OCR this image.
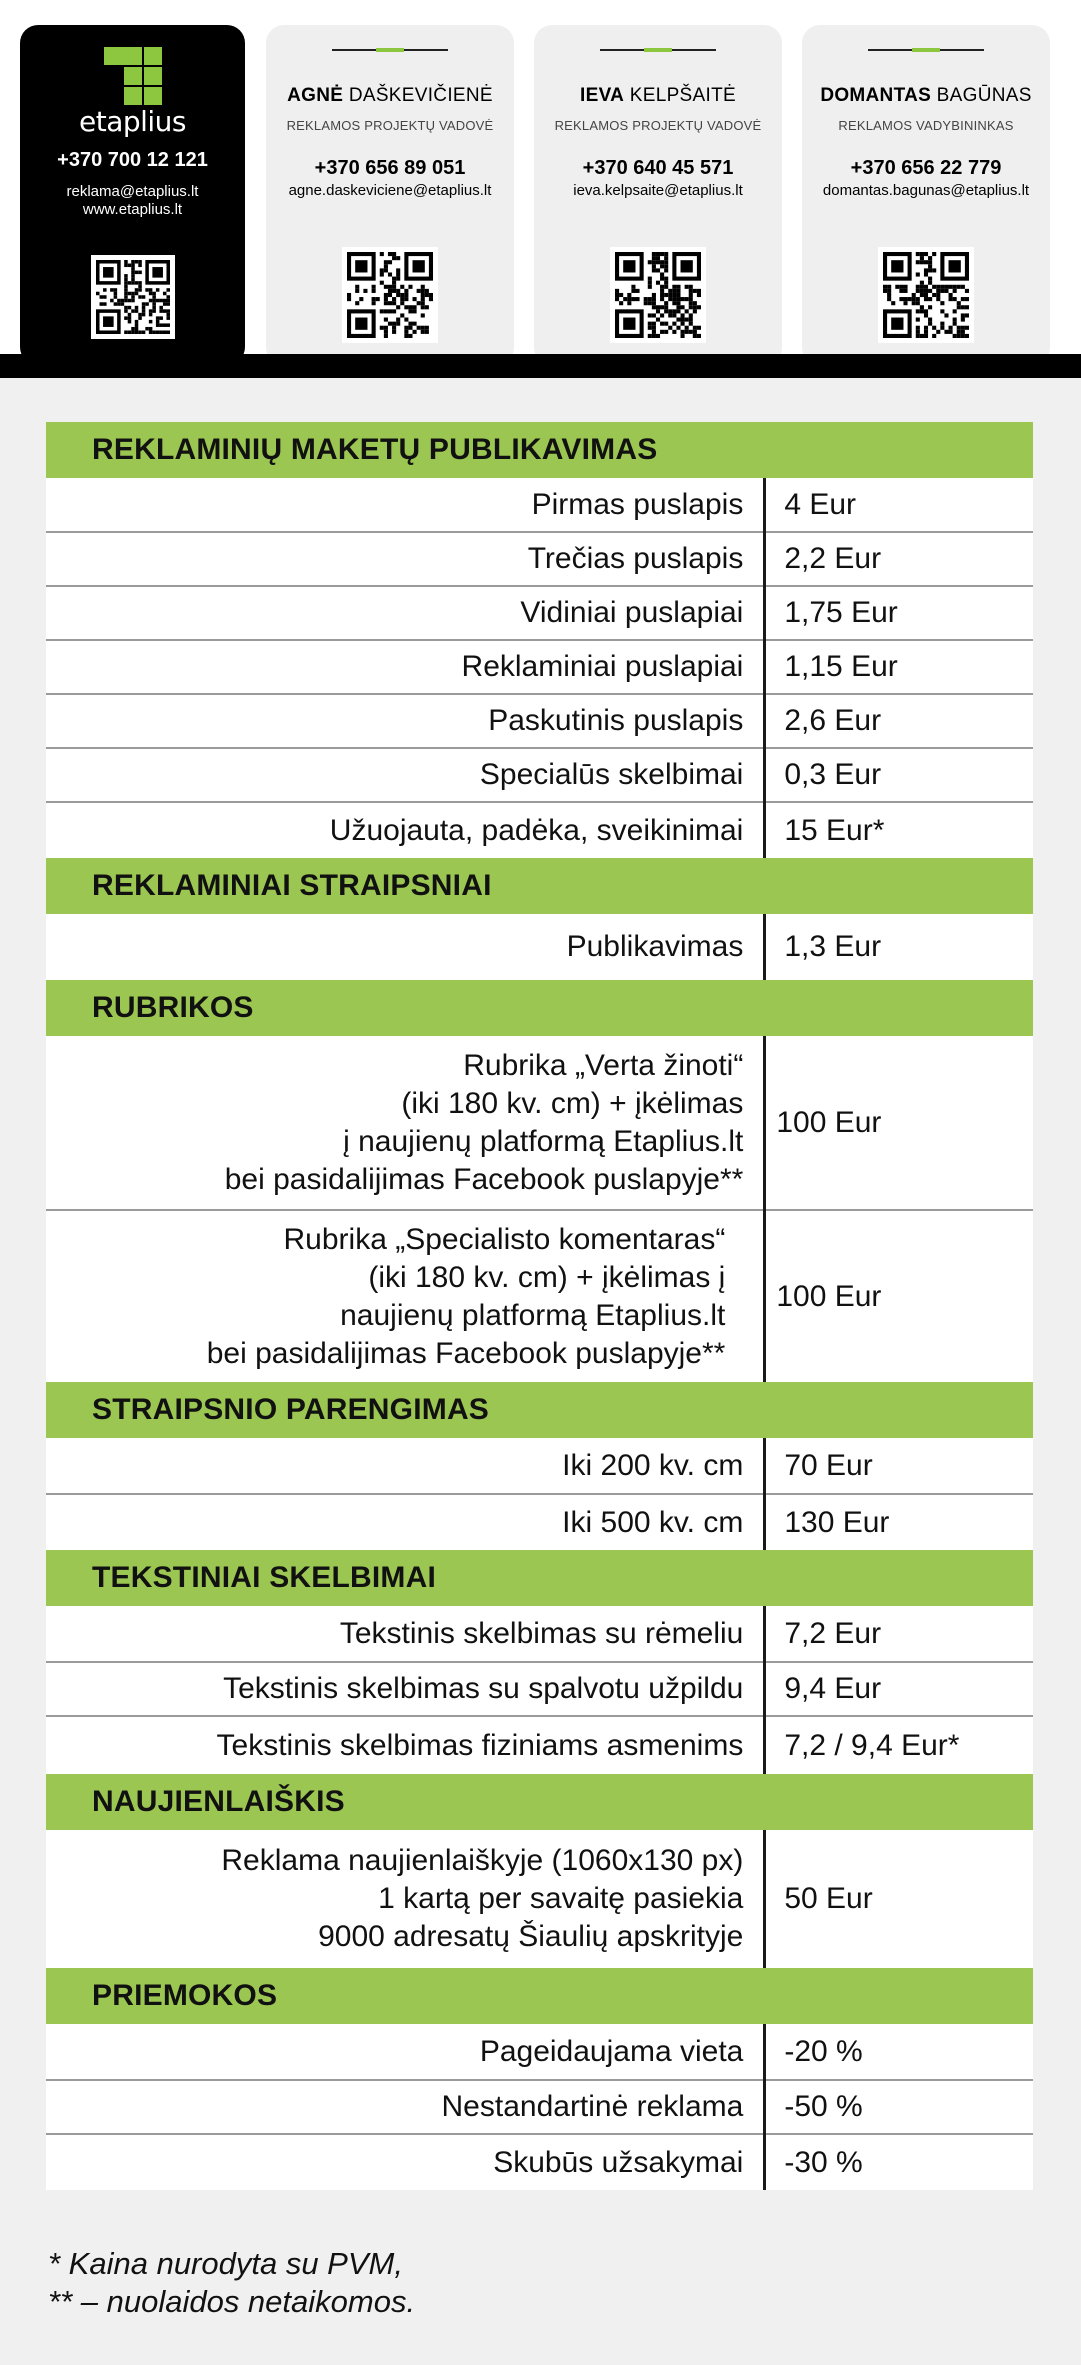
etaplius
+370 700 12 121
reklama@etaplius.lt
www.etaplius.lt
AGNĖ DAŠKEVIČIENĖ
REKLAMOS PROJEKTŲ VADOVĖ
+370 656 89 051
agne.daskeviciene@etaplius.lt
IEVA KELPŠAITĖ
REKLAMOS PROJEKTŲ VADOVĖ
+370 640 45 571
ieva.kelpsaite@etaplius.lt
DOMANTAS BAGŪNAS
REKLAMOS VADYBININKAS
+370 656 22 779
domantas.bagunas@etaplius.lt
REKLAMINIŲ MAKETŲ PUBLIKAVIMAS	
Pirmas puslapis	4 Eur
Trečias puslapis	2,2 Eur
Vidiniai puslapiai	1,75 Eur
Reklaminiai puslapiai	1,15 Eur
Paskutinis puslapis	2,6 Eur
Specialūs skelbimai	0,3 Eur
Užuojauta, padėka, sveikinimai	15 Eur*
REKLAMINIAI STRAIPSNIAI	
Publikavimas	1,3 Eur
RUBRIKOS	
Rubrika „Verta žinoti“
(iki 180 kv. cm) + įkėlimas
į naujienų platformą Etaplius.lt
bei pasidalijimas Facebook puslapyje**	100 Eur
Rubrika „Specialisto komentaras“
(iki 180 kv. cm) + įkėlimas į
naujienų platformą Etaplius.lt
bei pasidalijimas Facebook puslapyje**	100 Eur
STRAIPSNIO PARENGIMAS	
Iki 200 kv. cm	70 Eur
Iki 500 kv. cm	130 Eur
TEKSTINIAI SKELBIMAI	
Tekstinis skelbimas su rėmeliu	7,2 Eur
Tekstinis skelbimas su spalvotu užpildu	9,4 Eur
Tekstinis skelbimas fiziniams asmenims	7,2 / 9,4 Eur*
NAUJIENLAIŠKIS	
Reklama naujienlaiškyje (1060x130 px)
1 kartą per savaitę pasiekia
9000 adresatų Šiaulių apskrityje	50 Eur
PRIEMOKOS	
Pageidaujama vieta	-20 %
Nestandartinė reklama	-50 %
Skubūs užsakymai	-30 %
* Kaina nurodyta su PVM,
** – nuolaidos netaikomos.
